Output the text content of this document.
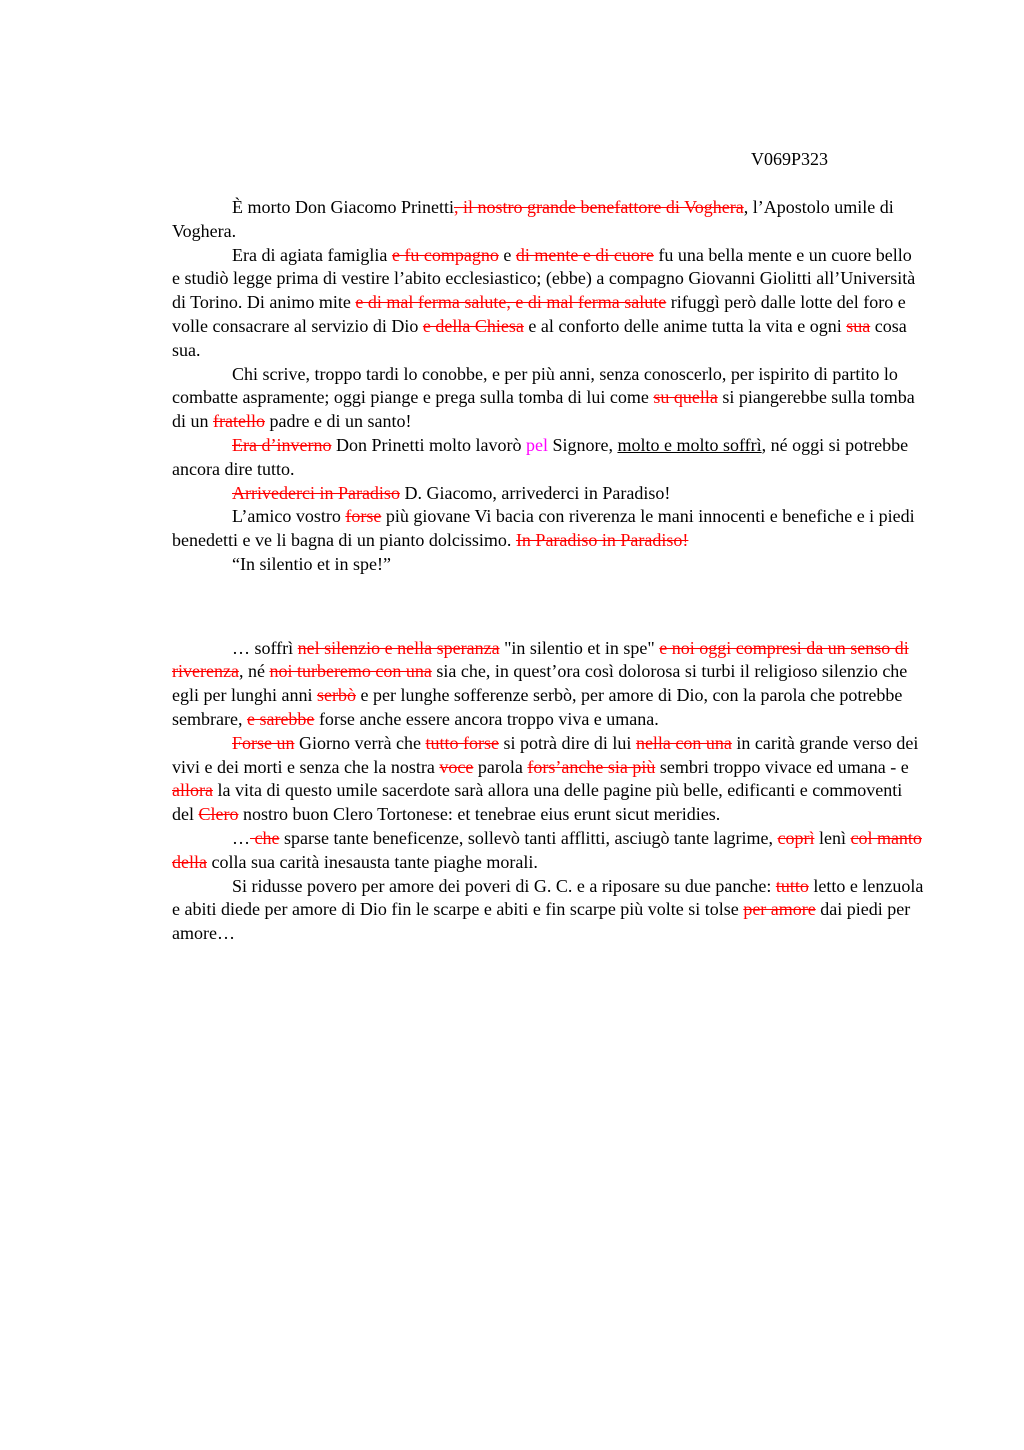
V069P323

È morto Don Giacomo Prinetti, il nostro grande benefattore di Voghera, l’Apostolo umile di Voghera.

Era di agiata famiglia e fu compagno e di mente e di cuore fu una bella mente e un cuore bello e studiò legge prima di vestire l’abito ecclesiastico; (ebbe) a compagno Giovanni Giolitti all’Università di Torino. Di animo mite e di mal ferma salute, e di mal ferma salute rifuggì però dalle lotte del foro e volle consacrare al servizio di Dio e della Chiesa e al conforto delle anime tutta la vita e ogni sua cosa sua.

Chi scrive, troppo tardi lo conobbe, e per più anni, senza conoscerlo, per ispirito di partito lo combatte aspramente; oggi piange e prega sulla tomba di lui come su quella si piangerebbe sulla tomba di un fratello padre e di un santo!

Era d’inverno Don Prinetti molto lavorò pel Signore, molto e molto soffrì, né oggi si potrebbe ancora dire tutto.

Arrivederci in Paradiso D. Giacomo, arrivederci in Paradiso!

L’amico vostro forse più giovane Vi bacia con riverenza le mani innocenti e benefiche e i piedi benedetti e ve li bagna di un pianto dolcissimo. In Paradiso in Paradiso!

“In silentio et in spe!”

… soffrì nel silenzio e nella speranza "in silentio et in spe" e noi oggi compresi da un senso di riverenza, né noi turberemo con una sia che, in quest’ora così dolorosa si turbi il religioso silenzio che egli per lunghi anni serbò e per lunghe sofferenze serbò, per amore di Dio, con la parola che potrebbe sembrare, e sarebbe forse anche essere ancora troppo viva e umana.

Forse un Giorno verrà che tutto forse si potrà dire di lui nella con una in carità grande verso dei vivi e dei morti e senza che la nostra voce parola fors’anche sia più sembri troppo vivace ed umana - e allora la vita di questo umile sacerdote sarà allora una delle pagine più belle, edificanti e commoventi del Clero nostro buon Clero Tortonese: et tenebrae eius erunt sicut meridies.

… che sparse tante beneficenze, sollevò tanti afflitti, asciugò tante lagrime, coprì lenì col manto della colla sua carità inesausta tante piaghe morali.

Si ridusse povero per amore dei poveri di G. C. e a riposare su due panche: tutto letto e lenzuola e abiti diede per amore di Dio fin le scarpe e abiti e fin scarpe più volte si tolse per amore dai piedi per amore…
